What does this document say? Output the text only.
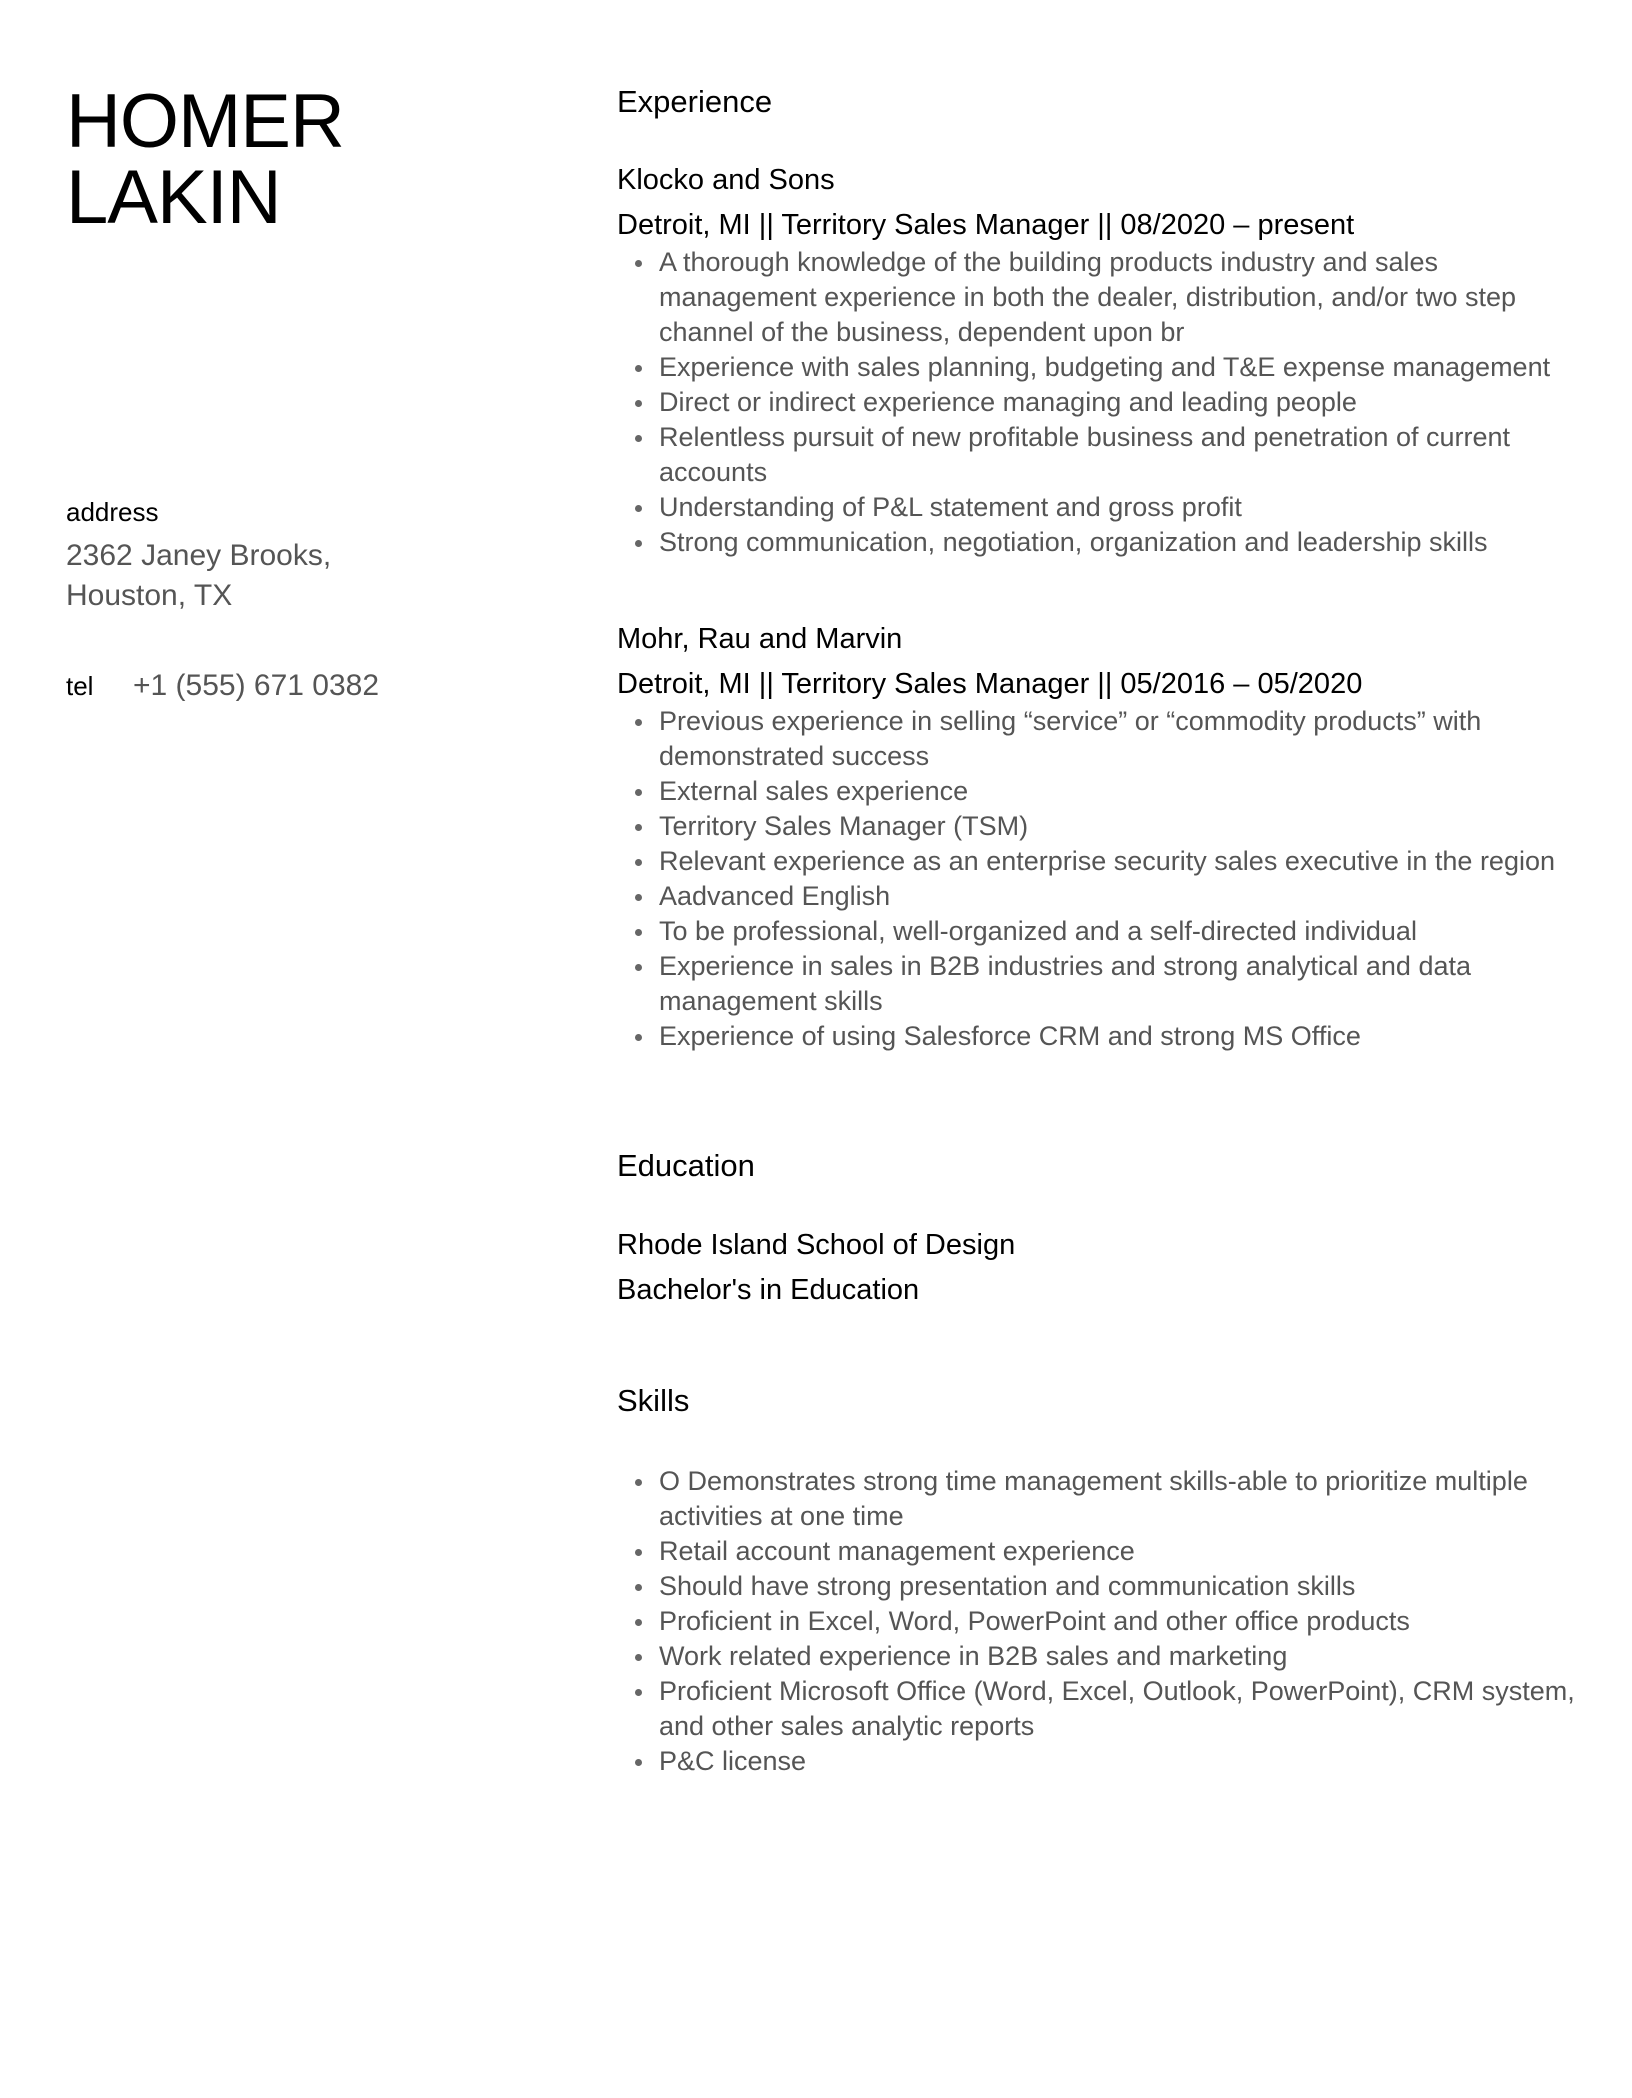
HOMER
LAKIN
address
2362 Janey Brooks,
Houston, TX
tel +1 (555) 671 0382
Experience
Klocko and Sons
Detroit, MI || Territory Sales Manager || 08/2020 – present
A thorough knowledge of the building products industry and sales management experience in both the dealer, distribution, and/or two step channel of the business, dependent upon br
Experience with sales planning, budgeting and T&E expense management
Direct or indirect experience managing and leading people
Relentless pursuit of new profitable business and penetration of current accounts
Understanding of P&L statement and gross profit
Strong communication, negotiation, organization and leadership skills
Mohr, Rau and Marvin
Detroit, MI || Territory Sales Manager || 05/2016 – 05/2020
Previous experience in selling “service” or “commodity products” with demonstrated success
External sales experience
Territory Sales Manager (TSM)
Relevant experience as an enterprise security sales executive in the region
Aadvanced English
To be professional, well-organized and a self-directed individual
Experience in sales in B2B industries and strong analytical and data management skills
Experience of using Salesforce CRM and strong MS Office
Education
Rhode Island School of Design
Bachelor's in Education
Skills
O Demonstrates strong time management skills-able to prioritize multiple activities at one time
Retail account management experience
Should have strong presentation and communication skills
Proficient in Excel, Word, PowerPoint and other office products
Work related experience in B2B sales and marketing
Proficient Microsoft Office (Word, Excel, Outlook, PowerPoint), CRM system, and other sales analytic reports
P&C license
